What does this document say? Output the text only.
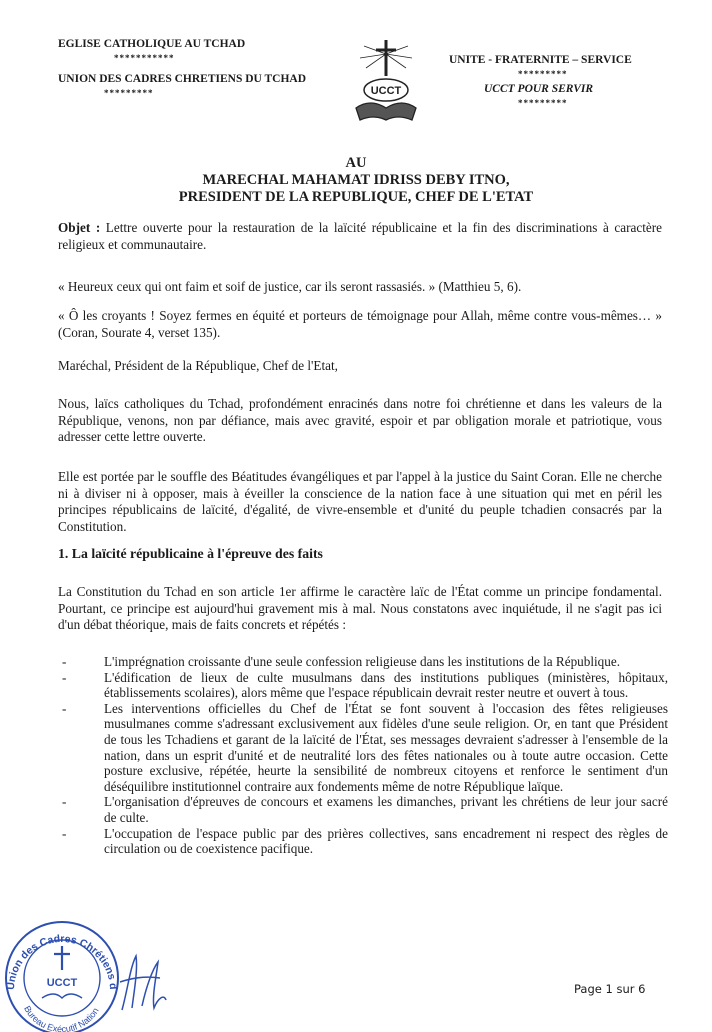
EGLISE CATHOLIQUE AU TCHAD
***********
UNION DES CADRES CHRETIENS DU TCHAD
*********	UCCT
UNITE - FRATERNITE – SERVICE
*********
UCCT POUR SERVIR
*********
AU
MARECHAL MAHAMAT IDRISS DEBY ITNO,
PRESIDENT DE LA REPUBLIQUE, CHEF DE L'ETAT
Objet : Lettre ouverte pour la restauration de la laïcité républicaine et la fin des discriminations à caractère religieux et communautaire.
« Heureux ceux qui ont faim et soif de justice, car ils seront rassasiés. » (Matthieu 5, 6).
« Ô les croyants ! Soyez fermes en équité et porteurs de témoignage pour Allah, même contre vous-mêmes… » (Coran, Sourate 4, verset 135).
Maréchal, Président de la République, Chef de l'Etat,
Nous, laïcs catholiques du Tchad, profondément enracinés dans notre foi chrétienne et dans les valeurs de la République, venons, non par défiance, mais avec gravité, espoir et par obligation morale et patriotique, vous adresser cette lettre ouverte.
Elle est portée par le souffle des Béatitudes évangéliques et par l'appel à la justice du Saint Coran. Elle ne cherche ni à diviser ni à opposer, mais à éveiller la conscience de la nation face à une situation qui met en péril les principes républicains de laïcité, d'égalité, de vivre-ensemble et d'unité du peuple tchadien consacrés par la Constitution.
1. La laïcité républicaine à l'épreuve des faits
La Constitution du Tchad en son article 1er affirme le caractère laïc de l'État comme un principe fondamental. Pourtant, ce principe est aujourd'hui gravement mis à mal. Nous constatons avec inquiétude, il ne s'agit pas ici d'un débat théorique, mais de faits concrets et répétés :
-	L'imprégnation croissante d'une seule confession religieuse dans les institutions de la République.
-	L'édification de lieux de culte musulmans dans des institutions publiques (ministères, hôpitaux, établissements scolaires), alors même que l'espace républicain devrait rester neutre et ouvert à tous.
-	Les interventions officielles du Chef de l'État se font souvent à l'occasion des fêtes religieuses musulmanes comme s'adressant exclusivement aux fidèles d'une seule religion. Or, en tant que Président de tous les Tchadiens et garant de la laïcité de l'État, ses messages devraient s'adresser à l'ensemble de la nation, dans un esprit d'unité et de neutralité lors des fêtes nationales ou à toute autre occasion. Cette posture exclusive, répétée, heurte la sensibilité de nombreux citoyens et renforce le sentiment d'un déséquilibre institutionnel contraire aux fondements même de notre République laïque.
-	L'organisation d'épreuves de concours et examens les dimanches, privant les chrétiens de leur jour sacré de culte.
-	L'occupation de l'espace public par des prières collectives, sans encadrement ni respect des règles de circulation ou de coexistence pacifique.
Union des Cadres Chrétiens d
Bureau Exécutif Nation
UCCT	Page 1 sur 6
